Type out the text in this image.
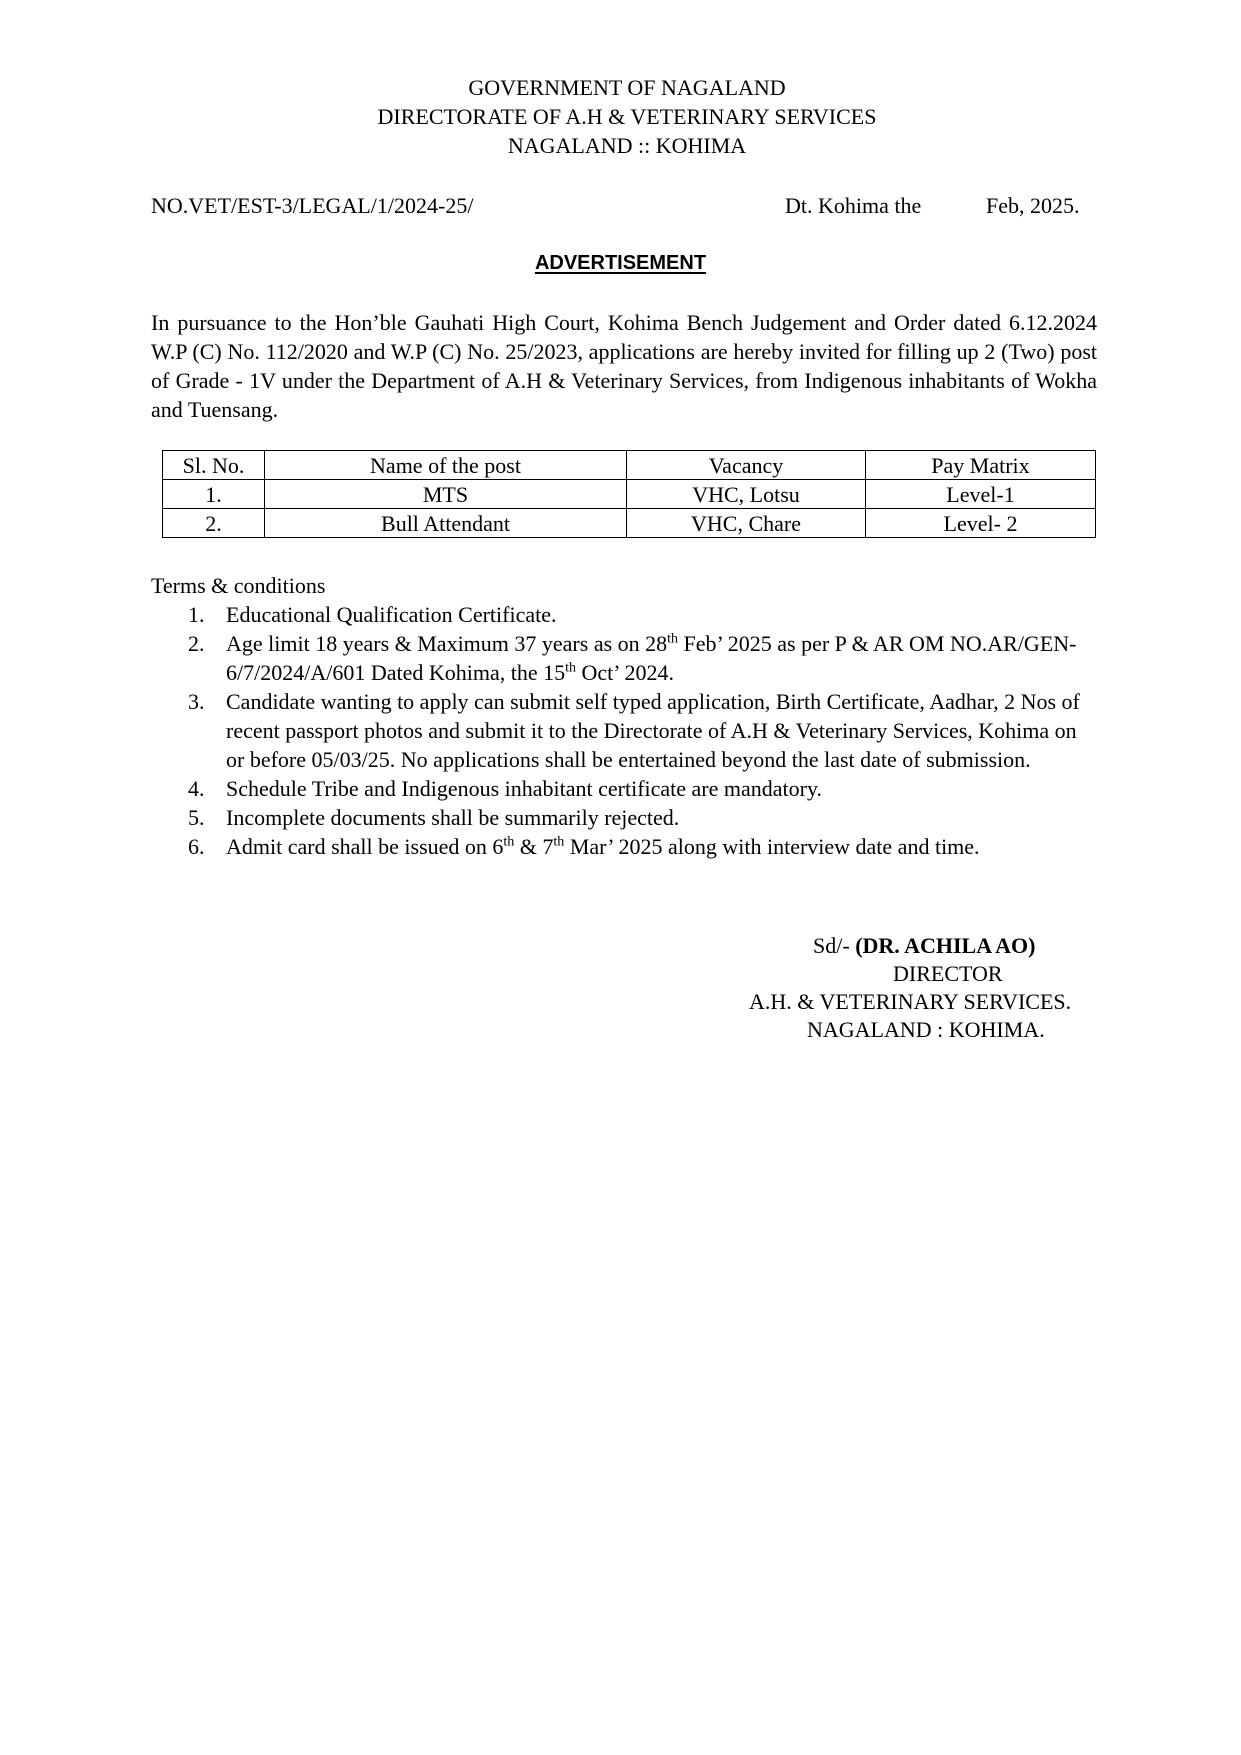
GOVERNMENT OF NAGALAND
DIRECTORATE OF A.H & VETERINARY SERVICES
NAGALAND :: KOHIMA
NO.VET/EST-3/LEGAL/1/2024-25/	Dt. Kohima the	Feb, 2025.
ADVERTISEMENT

In pursuance to the Hon’ble Gauhati High Court, Kohima Bench Judgement and Order dated 6.12.2024 W.P (C) No. 112/2020 and W.P (C) No. 25/2023, applications are hereby invited for filling up 2 (Two) post of Grade - 1V under the Department of A.H & Veterinary Services, from Indigenous inhabitants of Wokha and Tuensang.

Sl. No.	Name of the post	Vacancy	Pay Matrix
1.	MTS	VHC, Lotsu	Level-1
2.	Bull Attendant	VHC, Chare	Level- 2
Terms & conditions
1. Educational Qualification Certificate.
2. Age limit 18 years & Maximum 37 years as on 28th Feb’ 2025 as per P & AR OM NO.AR/GEN-6/7/2024/A/601 Dated Kohima, the 15th Oct’ 2024.
3. Candidate wanting to apply can submit self typed application, Birth Certificate, Aadhar, 2 Nos of recent passport photos and submit it to the Directorate of A.H & Veterinary Services, Kohima on or before 05/03/25. No applications shall be entertained beyond the last date of submission.
4. Schedule Tribe and Indigenous inhabitant certificate are mandatory.
5. Incomplete documents shall be summarily rejected.
6. Admit card shall be issued on 6th & 7th Mar’ 2025 along with interview date and time.
Sd/- (DR. ACHILA AO)
DIRECTOR
A.H. & VETERINARY SERVICES.
NAGALAND : KOHIMA.
